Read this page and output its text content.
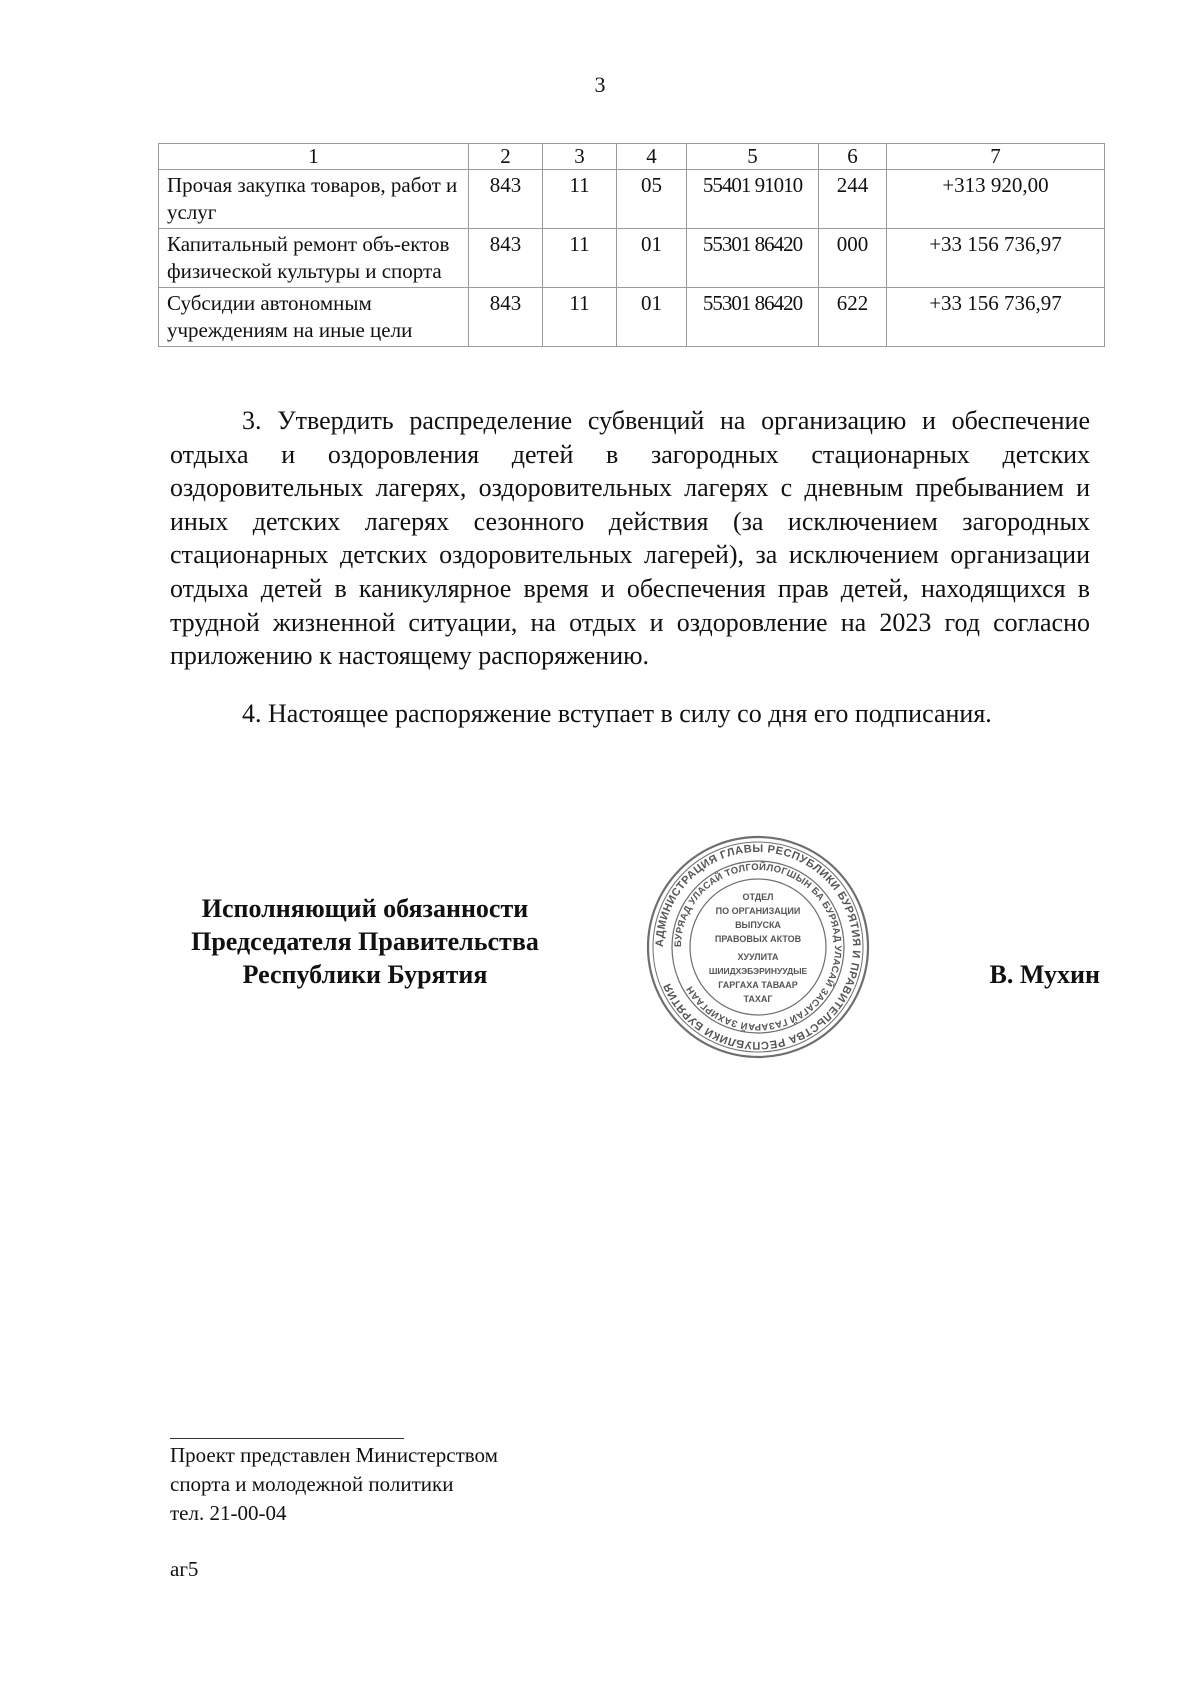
3
1	2	3	4	5	6	7
Прочая закупка товаров, работ и услуг	843	11	05	55401 91010	244	+313 920,00
Капитальный ремонт объ-ектов физической культуры и спорта	843	11	01	55301 86420	000	+33 156 736,97
Субсидии автономным учреждениям на иные цели	843	11	01	55301 86420	622	+33 156 736,97

3. Утвердить распределение субвенций на организацию и обеспечение отдыха и оздоровления детей в загородных стационарных детских оздоровительных лагерях, оздоровительных лагерях с дневным пребыванием и иных детских лагерях сезонного действия (за исключением загородных стационарных детских оздоровительных лагерей), за исключением организации отдыха детей в каникулярное время и обеспечения прав детей, находящихся в трудной жизненной ситуации, на отдых и оздоровление на 2023 год согласно приложению к настоящему распоряжению.

4. Настоящее распоряжение вступает в силу со дня его подписания.

Исполняющий обязанности
Председателя Правительства
Республики Бурятия
АДМИНИСТРАЦИЯ ГЛАВЫ РЕСПУБЛИКИ БУРЯТИЯ И ПРАВИТЕЛЬСТВА РЕСПУБЛИКИ БУРЯТИЯ
БУРЯАД УЛАСАЙ ТОЛГОЙЛОГШЫН БА БУРЯАД УЛАСАЙ ЗАСАГАЙ ГАЗАРАЙ ЗАХИРГААН
ОТДЕЛ
ПО ОРГАНИЗАЦИИ
ВЫПУСКА
ПРАВОВЫХ АКТОВ
ХУУЛИТА
ШИИДХЭБЭРИНУУДЫЕ
ГАРГАХА ТАВААР
ТАХАГ
В. Мухин
Проект представлен Министерством
спорта и молодежной политики
тел. 21-00-04
аг5
